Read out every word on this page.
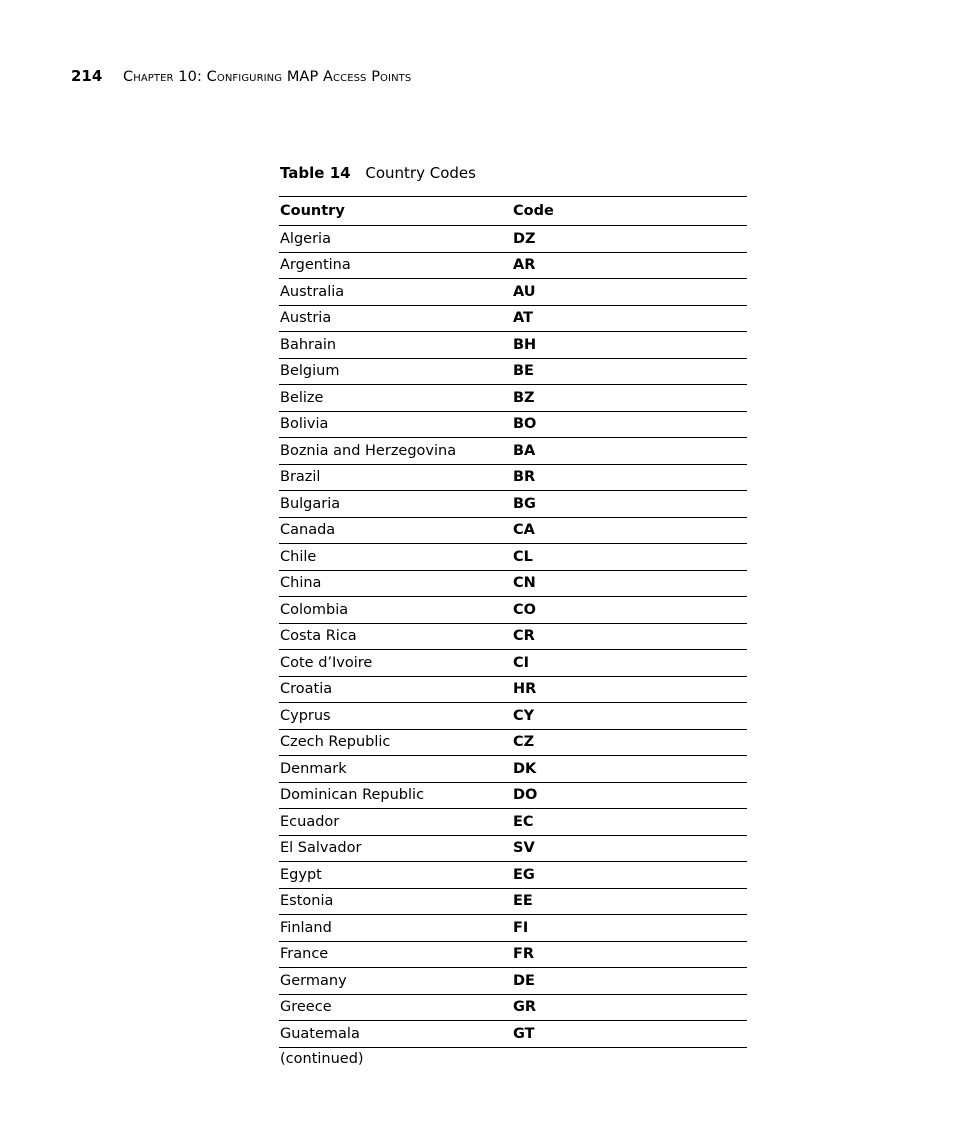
214 Chapter 10: Configuring MAP Access Points
Table 14 Country Codes
Country	Code
Algeria	DZ
Argentina	AR
Australia	AU
Austria	AT
Bahrain	BH
Belgium	BE
Belize	BZ
Bolivia	BO
Boznia and Herzegovina	BA
Brazil	BR
Bulgaria	BG
Canada	CA
Chile	CL
China	CN
Colombia	CO
Costa Rica	CR
Cote d’Ivoire	CI
Croatia	HR
Cyprus	CY
Czech Republic	CZ
Denmark	DK
Dominican Republic	DO
Ecuador	EC
El Salvador	SV
Egypt	EG
Estonia	EE
Finland	FI
France	FR
Germany	DE
Greece	GR
Guatemala	GT
(continued)
